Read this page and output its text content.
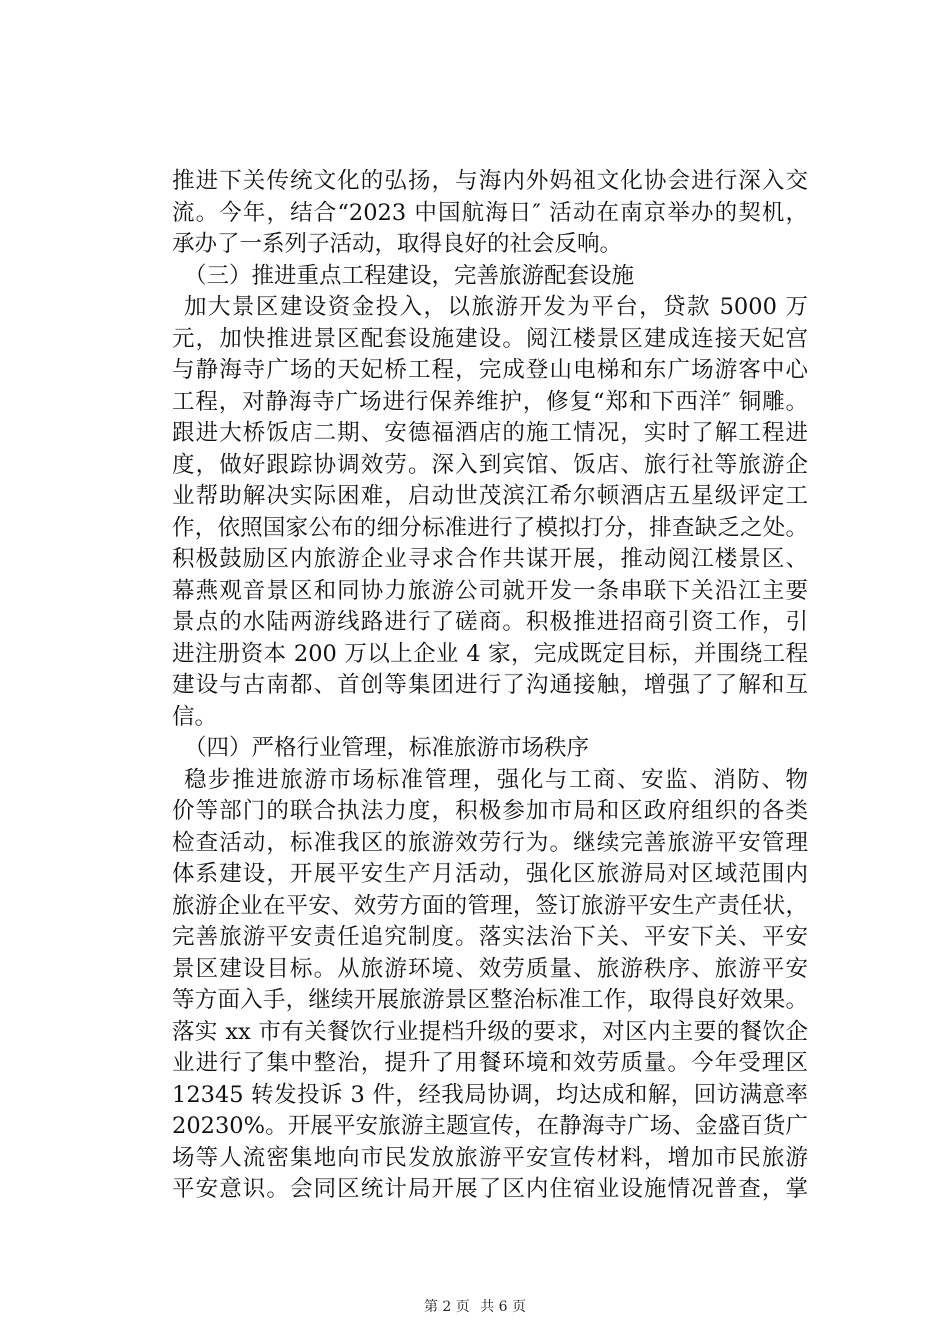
推进下关传统文化的弘扬，与海内外妈祖文化协会进行深入交
流。今年，结合“2023 中国航海日″ 活动在南京举办的契机，
承办了一系列子活动，取得良好的社会反响。
（三）推进重点工程建设，完善旅游配套设施
加大景区建设资金投入，以旅游开发为平台，贷款 5000 万
元，加快推进景区配套设施建设。阅江楼景区建成连接天妃宫
与静海寺广场的天妃桥工程，完成登山电梯和东广场游客中心
工程，对静海寺广场进行保养维护，修复“郑和下西洋″ 铜雕。
跟进大桥饭店二期、安德福酒店的施工情况，实时了解工程进
度，做好跟踪协调效劳。深入到宾馆、饭店、旅行社等旅游企
业帮助解决实际困难，启动世茂滨江希尔顿酒店五星级评定工
作，依照国家公布的细分标准进行了模拟打分，排查缺乏之处。
积极鼓励区内旅游企业寻求合作共谋开展，推动阅江楼景区、
幕燕观音景区和同协力旅游公司就开发一条串联下关沿江主要
景点的水陆两游线路进行了磋商。积极推进招商引资工作，引
进注册资本 200 万以上企业 4 家，完成既定目标，并围绕工程
建设与古南都、首创等集团进行了沟通接触，增强了了解和互
信。
（四）严格行业管理，标准旅游市场秩序
稳步推进旅游市场标准管理，强化与工商、安监、消防、物
价等部门的联合执法力度，积极参加市局和区政府组织的各类
检查活动，标准我区的旅游效劳行为。继续完善旅游平安管理
体系建设，开展平安生产月活动，强化区旅游局对区域范围内
旅游企业在平安、效劳方面的管理，签订旅游平安生产责任状，
完善旅游平安责任追究制度。落实法治下关、平安下关、平安
景区建设目标。从旅游环境、效劳质量、旅游秩序、旅游平安
等方面入手，继续开展旅游景区整治标准工作，取得良好效果。
落实 xx 市有关餐饮行业提档升级的要求，对区内主要的餐饮企
业进行了集中整治，提升了用餐环境和效劳质量。今年受理区
12345 转发投诉 3 件，经我局协调，均达成和解，回访满意率
20230%。开展平安旅游主题宣传，在静海寺广场、金盛百货广
场等人流密集地向市民发放旅游平安宣传材料，增加市民旅游
平安意识。会同区统计局开展了区内住宿业设施情况普查，掌
第 2 页 共 6 页
